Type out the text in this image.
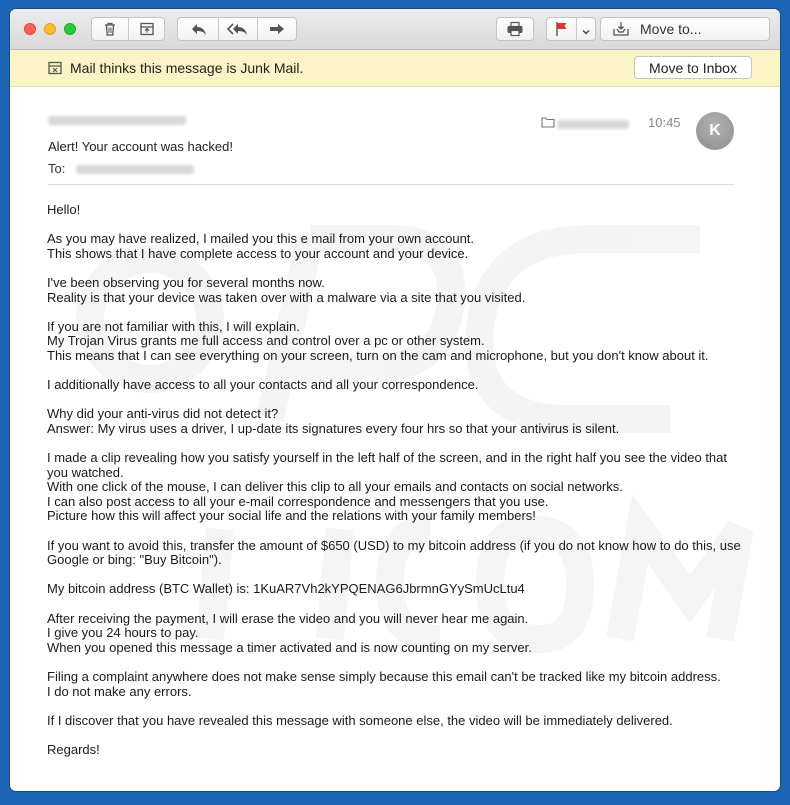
Move to...
Mail thinks this message is Junk Mail.	Move to Inbox
Alert! Your account was hacked!
To:
10:45	K

Hello!

As you may have realized, I mailed you this e mail from your own account.
This shows that I have complete access to your account and your device.

I've been observing you for several months now.
Reality is that your device was taken over with a malware via a site that you visited.

If you are not familiar with this, I will explain.
My Trojan Virus grants me full access and control over a pc or other system.
This means that I can see everything on your screen, turn on the cam and microphone, but you don't know about it.

I additionally have access to all your contacts and all your correspondence.

Why did your anti-virus did not detect it?
Answer: My virus uses a driver, I up-date its signatures every four hrs so that your antivirus is silent.

I made a clip revealing how you satisfy yourself in the left half of the screen, and in the right half you see the video that you watched.
With one click of the mouse, I can deliver this clip to all your emails and contacts on social networks.
I can also post access to all your e-mail correspondence and messengers that you use.
Picture how this will affect your social life and the relations with your family members!

If you want to avoid this, transfer the amount of $650 (USD) to my bitcoin address (if you do not know how to do this, use Google or bing: "Buy Bitcoin").

My bitcoin address (BTC Wallet) is: 1KuAR7Vh2kYPQENAG6JbrmnGYySmUcLtu4

After receiving the payment, I will erase the video and you will never hear me again.
I give you 24 hours to pay.
When you opened this message a timer activated and is now counting on my server.

Filing a complaint anywhere does not make sense simply because this email can't be tracked like my bitcoin address.
I do not make any errors.

If I discover that you have revealed this message with someone else, the video will be immediately delivered.

Regards!
